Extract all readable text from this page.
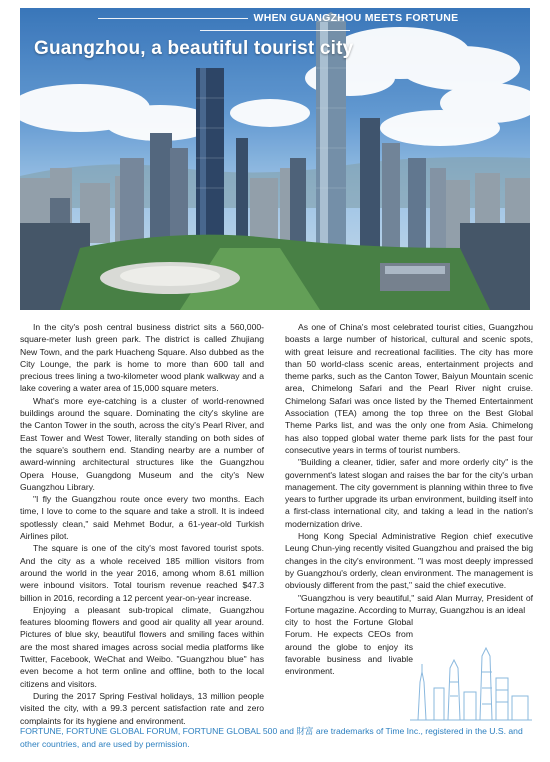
WHEN GUANGZHOU MEETS FORTUNE
Guangzhou, a beautiful tourist city

In the city's posh central business district sits a 560,000-square-meter lush green park. The district is called Zhujiang New Town, and the park Huacheng Square. Also dubbed as the City Lounge, the park is home to more than 600 tall and precious trees lining a two-kilometer wood plank walkway and a lake covering a water area of 15,000 square meters.

What's more eye-catching is a cluster of world-renowned buildings around the square. Dominating the city's skyline are the Canton Tower in the south, across the city's Pearl River, and East Tower and West Tower, literally standing on both sides of the square's southern end. Standing nearby are a number of award-winning architectural structures like the Guangzhou Opera House, Guangdong Museum and the city's New Guangzhou Library.

"I fly the Guangzhou route once every two months. Each time, I love to come to the square and take a stroll. It is indeed spotlessly clean," said Mehmet Bodur, a 61-year-old Turkish Airlines pilot.

The square is one of the city's most favored tourist spots. And the city as a whole received 185 million visitors from around the world in the year 2016, among whom 8.61 million were inbound visitors. Total tourism revenue reached $47.3 billion in 2016, recording a 12 percent year-on-year increase.

Enjoying a pleasant sub-tropical climate, Guangzhou features blooming flowers and good air quality all year around. Pictures of blue sky, beautiful flowers and smiling faces within are the most shared images across social media platforms like Twitter, Facebook, WeChat and Weibo. "Guangzhou blue" has even become a hot term online and offline, both to the local citizens and visitors.

During the 2017 Spring Festival holidays, 13 million people visited the city, with a 99.3 percent satisfaction rate and zero complaints for its hygiene and environment.

As one of China's most celebrated tourist cities, Guangzhou boasts a large number of historical, cultural and scenic spots, with great leisure and recreational facilities. The city has more than 50 world-class scenic areas, entertainment projects and theme parks, such as the Canton Tower, Baiyun Mountain scenic area, Chimelong Safari and the Pearl River night cruise. Chimelong Safari was once listed by the Themed Entertainment Association (TEA) among the top three on the Best Global Theme Parks list, and was the only one from Asia. Chimelong has also topped global water theme park lists for the past four consecutive years in terms of tourist numbers.

"Building a cleaner, tidier, safer and more orderly city" is the government's latest slogan and raises the bar for the city's urban management. The city government is planning within three to five years to further upgrade its urban environment, building itself into a first-class international city, and taking a lead in the nation's modernization drive.

Hong Kong Special Administrative Region chief executive Leung Chun-ying recently visited Guangzhou and praised the big changes in the city's environment. "I was most deeply impressed by Guangzhou's orderly, clean environment. The management is obviously different from the past," said the chief executive.

"Guangzhou is very beautiful," said Alan Murray, President of Fortune magazine. According to Murray, Guangzhou is an ideal

city to host the Fortune Global Forum. He expects CEOs from around the globe to enjoy its favorable business and livable environment.

FORTUNE, FORTUNE GLOBAL FORUM, FORTUNE GLOBAL 500 and 財富 are trademarks of Time Inc., registered in the U.S. and other countries, and are used by permission.
